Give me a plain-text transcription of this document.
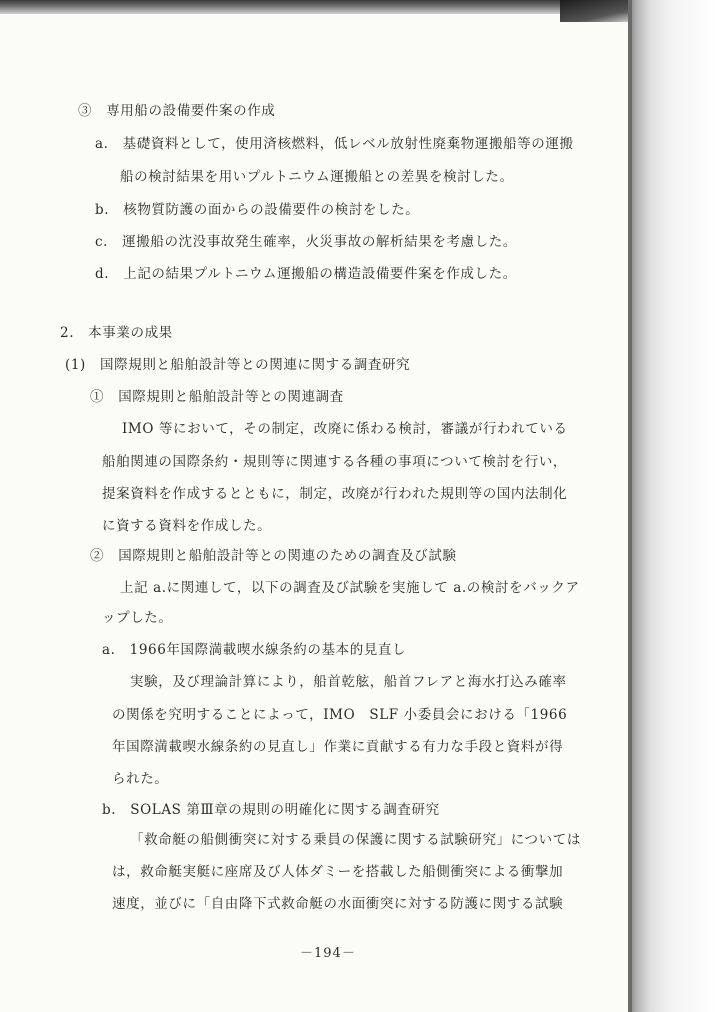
③　専用船の設備要件案の作成
a.　基礎資料として，使用済核燃料，低レベル放射性廃棄物運搬船等の運搬
船の検討結果を用いプルトニウム運搬船との差異を検討した。
b.　核物質防護の面からの設備要件の検討をした。
c.　運搬船の沈没事故発生確率，火災事故の解析結果を考慮した。
d.　上記の結果プルトニウム運搬船の構造設備要件案を作成した。
2.　本事業の成果
(1)　国際規則と船舶設計等との関連に関する調査研究
①　国際規則と船舶設計等との関連調査
IMO 等において，その制定，改廃に係わる検討，審議が行われている
船舶関連の国際条約・規則等に関連する各種の事項について検討を行い，
提案資料を作成するとともに，制定，改廃が行われた規則等の国内法制化
に資する資料を作成した。
②　国際規則と船舶設計等との関連のための調査及び試験
上記 a.に関連して，以下の調査及び試験を実施して a.の検討をバックア
ップした。
a.　1966年国際満載喫水線条約の基本的見直し
実験，及び理論計算により，船首乾舷，船首フレアと海水打込み確率
の関係を究明することによって，IMO　SLF 小委員会における「1966
年国際満載喫水線条約の見直し」作業に貢献する有力な手段と資料が得
られた。
b.　SOLAS 第Ⅲ章の規則の明確化に関する調査研究
「救命艇の船側衝突に対する乗員の保護に関する試験研究」については
は，救命艇実艇に座席及び人体ダミーを搭載した船側衝突による衝撃加
速度，並びに「自由降下式救命艇の水面衝突に対する防護に関する試験
－194－
